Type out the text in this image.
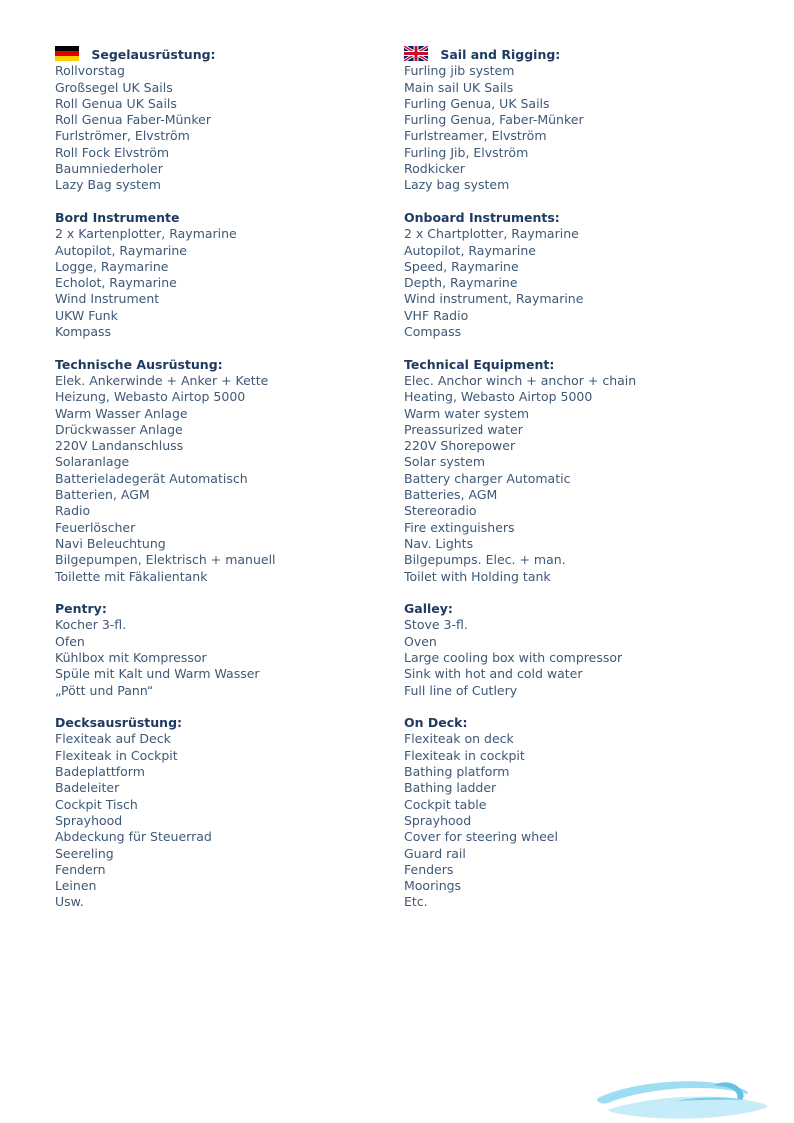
Segelausrüstung:
Rollvorstag
Großsegel UK Sails
Roll Genua UK Sails
Roll Genua Faber-Münker
Furlströmer, Elvström
Roll Fock Elvström
Baumniederholer
Lazy Bag system
Bord Instrumente
2 x Kartenplotter, Raymarine
Autopilot, Raymarine
Logge, Raymarine
Echolot, Raymarine
Wind Instrument
UKW Funk
Kompass
Technische Ausrüstung:
Elek. Ankerwinde + Anker + Kette
Heizung, Webasto Airtop 5000
Warm Wasser Anlage
Drückwasser Anlage
220V Landanschluss
Solaranlage
Batterieladegerät Automatisch
Batterien, AGM
Radio
Feuerlöscher
Navi Beleuchtung
Bilgepumpen, Elektrisch + manuell
Toilette mit Fäkalientank
Pentry:
Kocher 3-fl.
Ofen
Kühlbox mit Kompressor
Spüle mit Kalt und Warm Wasser
„Pött und Pann“
Decksausrüstung:
Flexiteak auf Deck
Flexiteak in Cockpit
Badeplattform
Badeleiter
Cockpit Tisch
Sprayhood
Abdeckung für Steuerrad
Seereling
Fendern
Leinen
Usw.
Sail and Rigging:
Furling jib system
Main sail UK Sails
Furling Genua, UK Sails
Furling Genua, Faber-Münker
Furlstreamer, Elvström
Furling Jib, Elvström
Rodkicker
Lazy bag system
Onboard Instruments:
2 x Chartplotter, Raymarine
Autopilot, Raymarine
Speed, Raymarine
Depth, Raymarine
Wind instrument, Raymarine
VHF Radio
Compass
Technical Equipment:
Elec. Anchor winch + anchor + chain
Heating, Webasto Airtop 5000
Warm water system
Preassurized water
220V Shorepower
Solar system
Battery charger Automatic
Batteries, AGM
Stereoradio
Fire extinguishers
Nav. Lights
Bilgepumps. Elec. + man.
Toilet with Holding tank
Galley:
Stove 3-fl.
Oven
Large cooling box with compressor
Sink with hot and cold water
Full line of Cutlery
On Deck:
Flexiteak on deck
Flexiteak in cockpit
Bathing platform
Bathing ladder
Cockpit table
Sprayhood
Cover for steering wheel
Guard rail
Fenders
Moorings
Etc.
